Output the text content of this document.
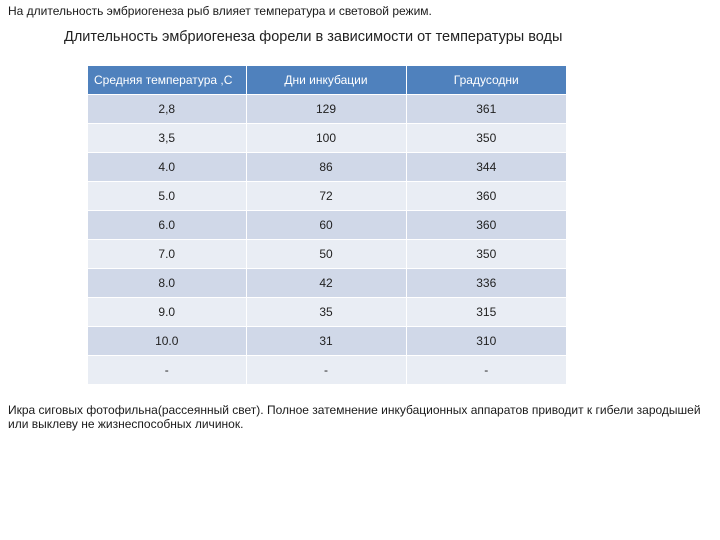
На длительность эмбриогенеза рыб влияет температура и световой режим.
Длительность эмбриогенеза форели в зависимости от температуры воды
Средняя температура ,С	Дни инкубации	Градусодни
2,8	129	361
3,5	100	350
4.0	86	344
5.0	72	360
6.0	60	360
7.0	50	350
8.0	42	336
9.0	35	315
10.0	31	310
-	-	-
Икра сиговых фотофильна(рассеянный свет). Полное затемнение инкубационных аппаратов приводит к гибели зародышей или выклеву не жизнеспособных личинок.
